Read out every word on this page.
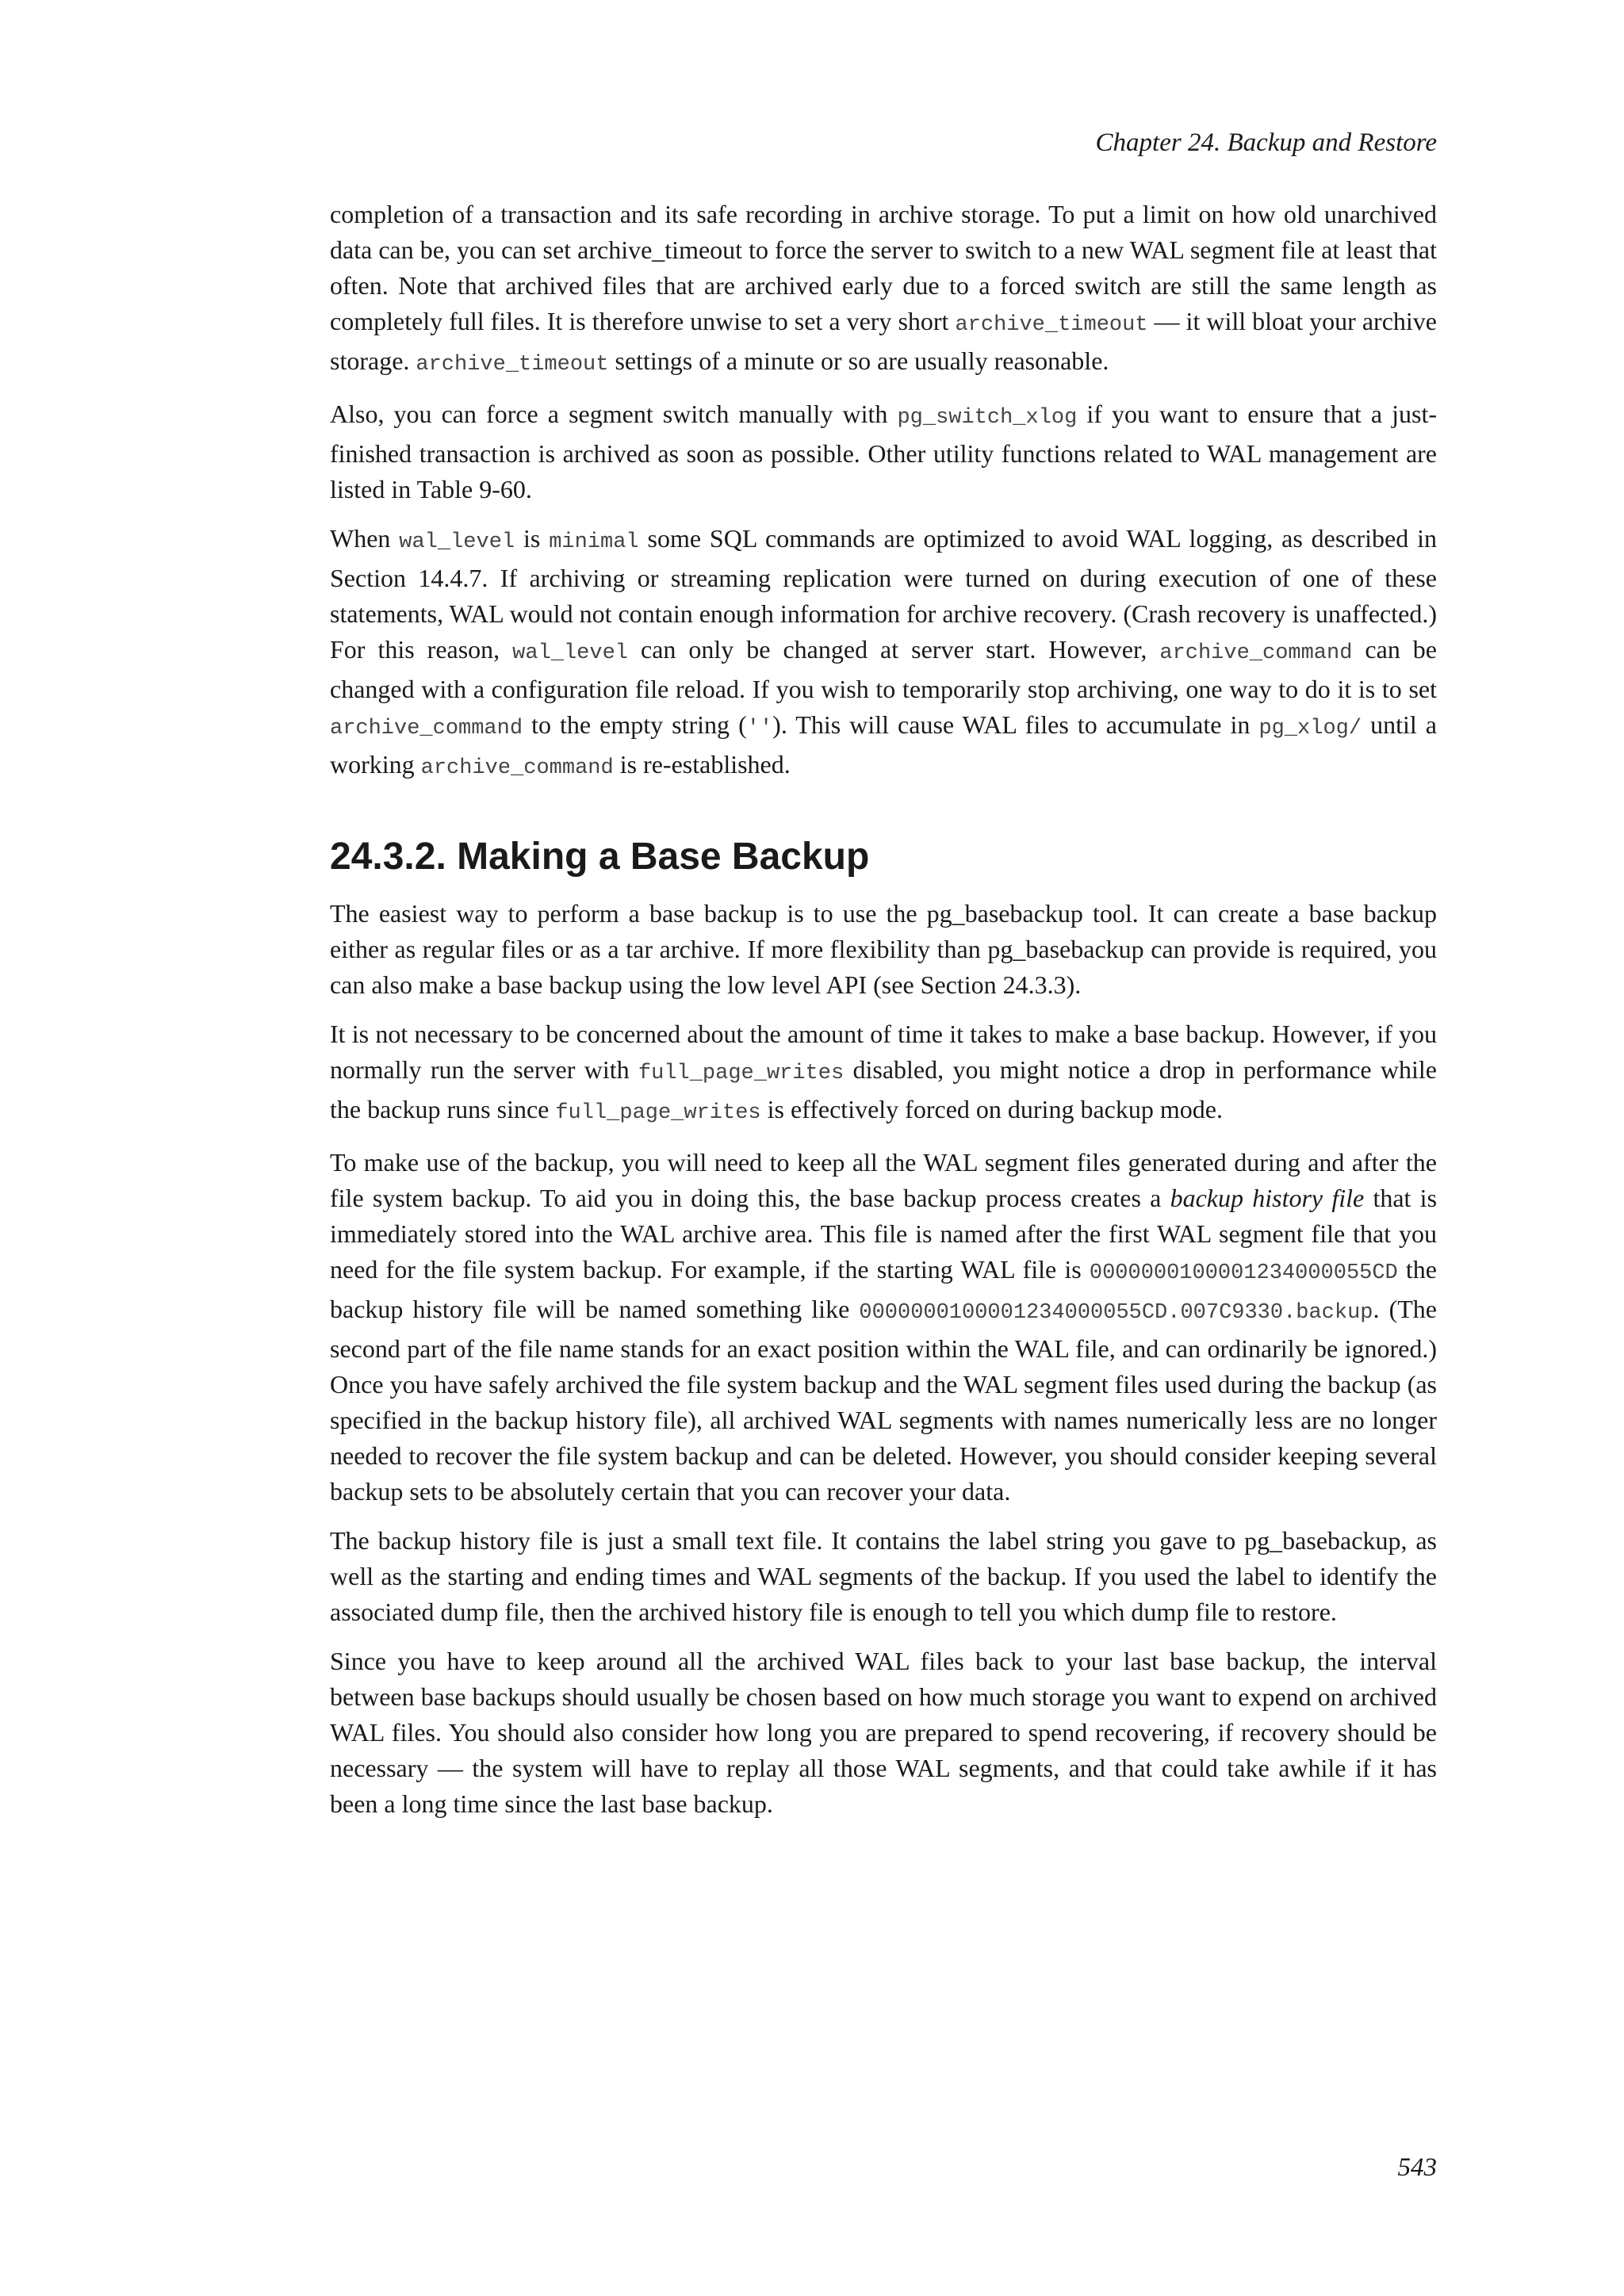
Chapter 24. Backup and Restore

completion of a transaction and its safe recording in archive storage. To put a limit on how old unarchived data can be, you can set archive_timeout to force the server to switch to a new WAL segment file at least that often. Note that archived files that are archived early due to a forced switch are still the same length as completely full files. It is therefore unwise to set a very short archive_timeout — it will bloat your archive storage. archive_timeout settings of a minute or so are usually reasonable.

Also, you can force a segment switch manually with pg_switch_xlog if you want to ensure that a just-finished transaction is archived as soon as possible. Other utility functions related to WAL management are listed in Table 9-60.

When wal_level is minimal some SQL commands are optimized to avoid WAL logging, as described in Section 14.4.7. If archiving or streaming replication were turned on during execution of one of these statements, WAL would not contain enough information for archive recovery. (Crash recovery is unaffected.) For this reason, wal_level can only be changed at server start. However, archive_command can be changed with a configuration file reload. If you wish to temporarily stop archiving, one way to do it is to set archive_command to the empty string (''). This will cause WAL files to accumulate in pg_xlog/ until a working archive_command is re-established.

24.3.2. Making a Base Backup

The easiest way to perform a base backup is to use the pg_basebackup tool. It can create a base backup either as regular files or as a tar archive. If more flexibility than pg_basebackup can provide is required, you can also make a base backup using the low level API (see Section 24.3.3).

It is not necessary to be concerned about the amount of time it takes to make a base backup. However, if you normally run the server with full_page_writes disabled, you might notice a drop in performance while the backup runs since full_page_writes is effectively forced on during backup mode.

To make use of the backup, you will need to keep all the WAL segment files generated during and after the file system backup. To aid you in doing this, the base backup process creates a backup history file that is immediately stored into the WAL archive area. This file is named after the first WAL segment file that you need for the file system backup. For example, if the starting WAL file is 0000000100001234000055CD the backup history file will be named something like 0000000100001234000055CD.007C9330.backup. (The second part of the file name stands for an exact position within the WAL file, and can ordinarily be ignored.) Once you have safely archived the file system backup and the WAL segment files used during the backup (as specified in the backup history file), all archived WAL segments with names numerically less are no longer needed to recover the file system backup and can be deleted. However, you should consider keeping several backup sets to be absolutely certain that you can recover your data.

The backup history file is just a small text file. It contains the label string you gave to pg_basebackup, as well as the starting and ending times and WAL segments of the backup. If you used the label to identify the associated dump file, then the archived history file is enough to tell you which dump file to restore.

Since you have to keep around all the archived WAL files back to your last base backup, the interval between base backups should usually be chosen based on how much storage you want to expend on archived WAL files. You should also consider how long you are prepared to spend recovering, if recovery should be necessary — the system will have to replay all those WAL segments, and that could take awhile if it has been a long time since the last base backup.

543
